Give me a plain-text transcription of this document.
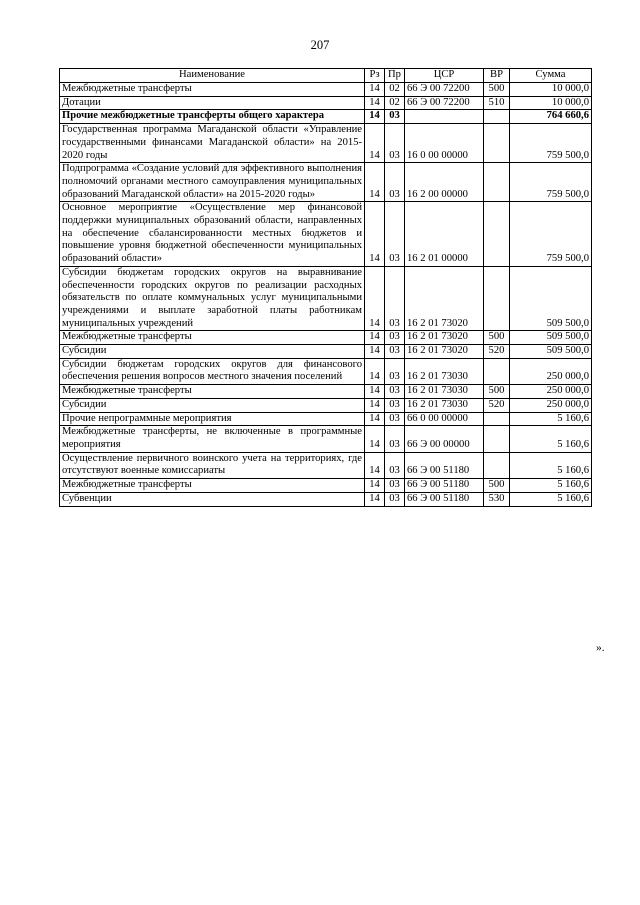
207
Наименование	Рз	Пр	ЦСР	ВР	Сумма
Межбюджетные трансферты	14	02	66 Э 00 72200	500	10 000,0
Дотации	14	02	66 Э 00 72200	510	10 000,0
Прочие межбюджетные трансферты общего характера	14	03			764 660,6
Государственная программа Магаданской области «Управление государственными финансами Магаданской области» на 2015-2020 годы	14	03	16 0 00 00000		759 500,0
Подпрограмма «Создание условий для эффективного выполнения полномочий органами местного самоуправления муниципальных образований Магаданской области» на 2015-2020 годы»	14	03	16 2 00 00000		759 500,0
Основное мероприятие «Осуществление мер финансовой поддержки муниципальных образований области, направленных на обеспечение сбалансированности местных бюджетов и повышение уровня бюджетной обеспеченности муниципальных образований области»	14	03	16 2 01 00000		759 500,0
Субсидии бюджетам городских округов на выравнивание обеспеченности городских округов по реализации расходных обязательств по оплате коммунальных услуг муниципальными учреждениями и выплате заработной платы работникам муниципальных учреждений	14	03	16 2 01 73020		509 500,0
Межбюджетные трансферты	14	03	16 2 01 73020	500	509 500,0
Субсидии	14	03	16 2 01 73020	520	509 500,0
Субсидии бюджетам городских округов для финансового обеспечения решения вопросов местного значения поселений	14	03	16 2 01 73030		250 000,0
Межбюджетные трансферты	14	03	16 2 01 73030	500	250 000,0
Субсидии	14	03	16 2 01 73030	520	250 000,0
Прочие непрограммные мероприятия	14	03	66 0 00 00000		5 160,6
Межбюджетные трансферты, не включенные в программные мероприятия	14	03	66 Э 00 00000		5 160,6
Осуществление первичного воинского учета на территориях, где отсутствуют военные комиссариаты	14	03	66 Э 00 51180		5 160,6
Межбюджетные трансферты	14	03	66 Э 00 51180	500	5 160,6
Субвенции	14	03	66 Э 00 51180	530	5 160,6
».
